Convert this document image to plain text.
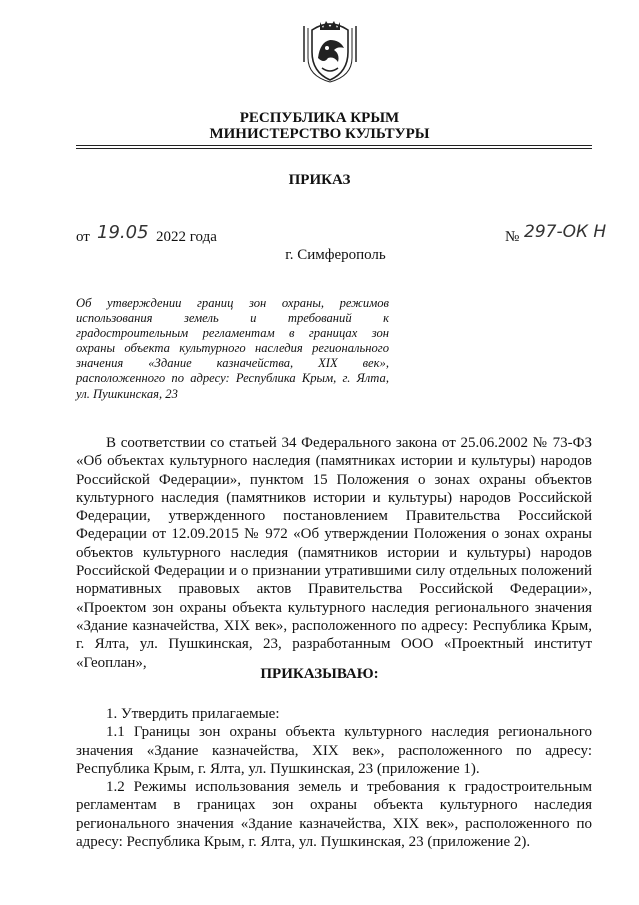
РЕСПУБЛИКА КРЫМ
МИНИСТЕРСТВО КУЛЬТУРЫ
ПРИКАЗ
от 19.05 2022 года	№ 297-ОК Н
г. Симферополь
Об утверждении границ зон охраны, режимов
использования земель и требований к
градостроительным регламентам в границах зон
охраны объекта культурного наследия регионального
значения «Здание казначейства, XIX век»,
расположенного по адресу: Республика Крым, г. Ялта,
ул. Пушкинская, 23
В соответствии со статьей 34 Федерального закона от 25.06.2002 № 73-ФЗ
«Об объектах культурного наследия (памятниках истории и культуры) народов
Российской Федерации», пунктом 15 Положения о зонах охраны объектов
культурного наследия (памятников истории и культуры) народов Российской
Федерации, утвержденного постановлением Правительства Российской
Федерации от 12.09.2015 № 972 «Об утверждении Положения о зонах охраны
объектов культурного наследия (памятников истории и культуры) народов
Российской Федерации и о признании утратившими силу отдельных положений
нормативных правовых актов Правительства Российской Федерации»,
«Проектом зон охраны объекта культурного наследия регионального значения
«Здание казначейства, XIX век», расположенного по адресу: Республика Крым,
г. Ялта, ул. Пушкинская, 23, разработанным ООО «Проектный институт
«Геоплан»,
ПРИКАЗЫВАЮ:
1. Утвердить прилагаемые:
1.1 Границы зон охраны объекта культурного наследия регионального
значения «Здание казначейства, XIX век», расположенного по адресу:
Республика Крым, г. Ялта, ул. Пушкинская, 23 (приложение 1).
1.2 Режимы использования земель и требования к градостроительным
регламентам в границах зон охраны объекта культурного наследия
регионального значения «Здание казначейства, XIX век», расположенного по
адресу: Республика Крым, г. Ялта, ул. Пушкинская, 23 (приложение 2).
